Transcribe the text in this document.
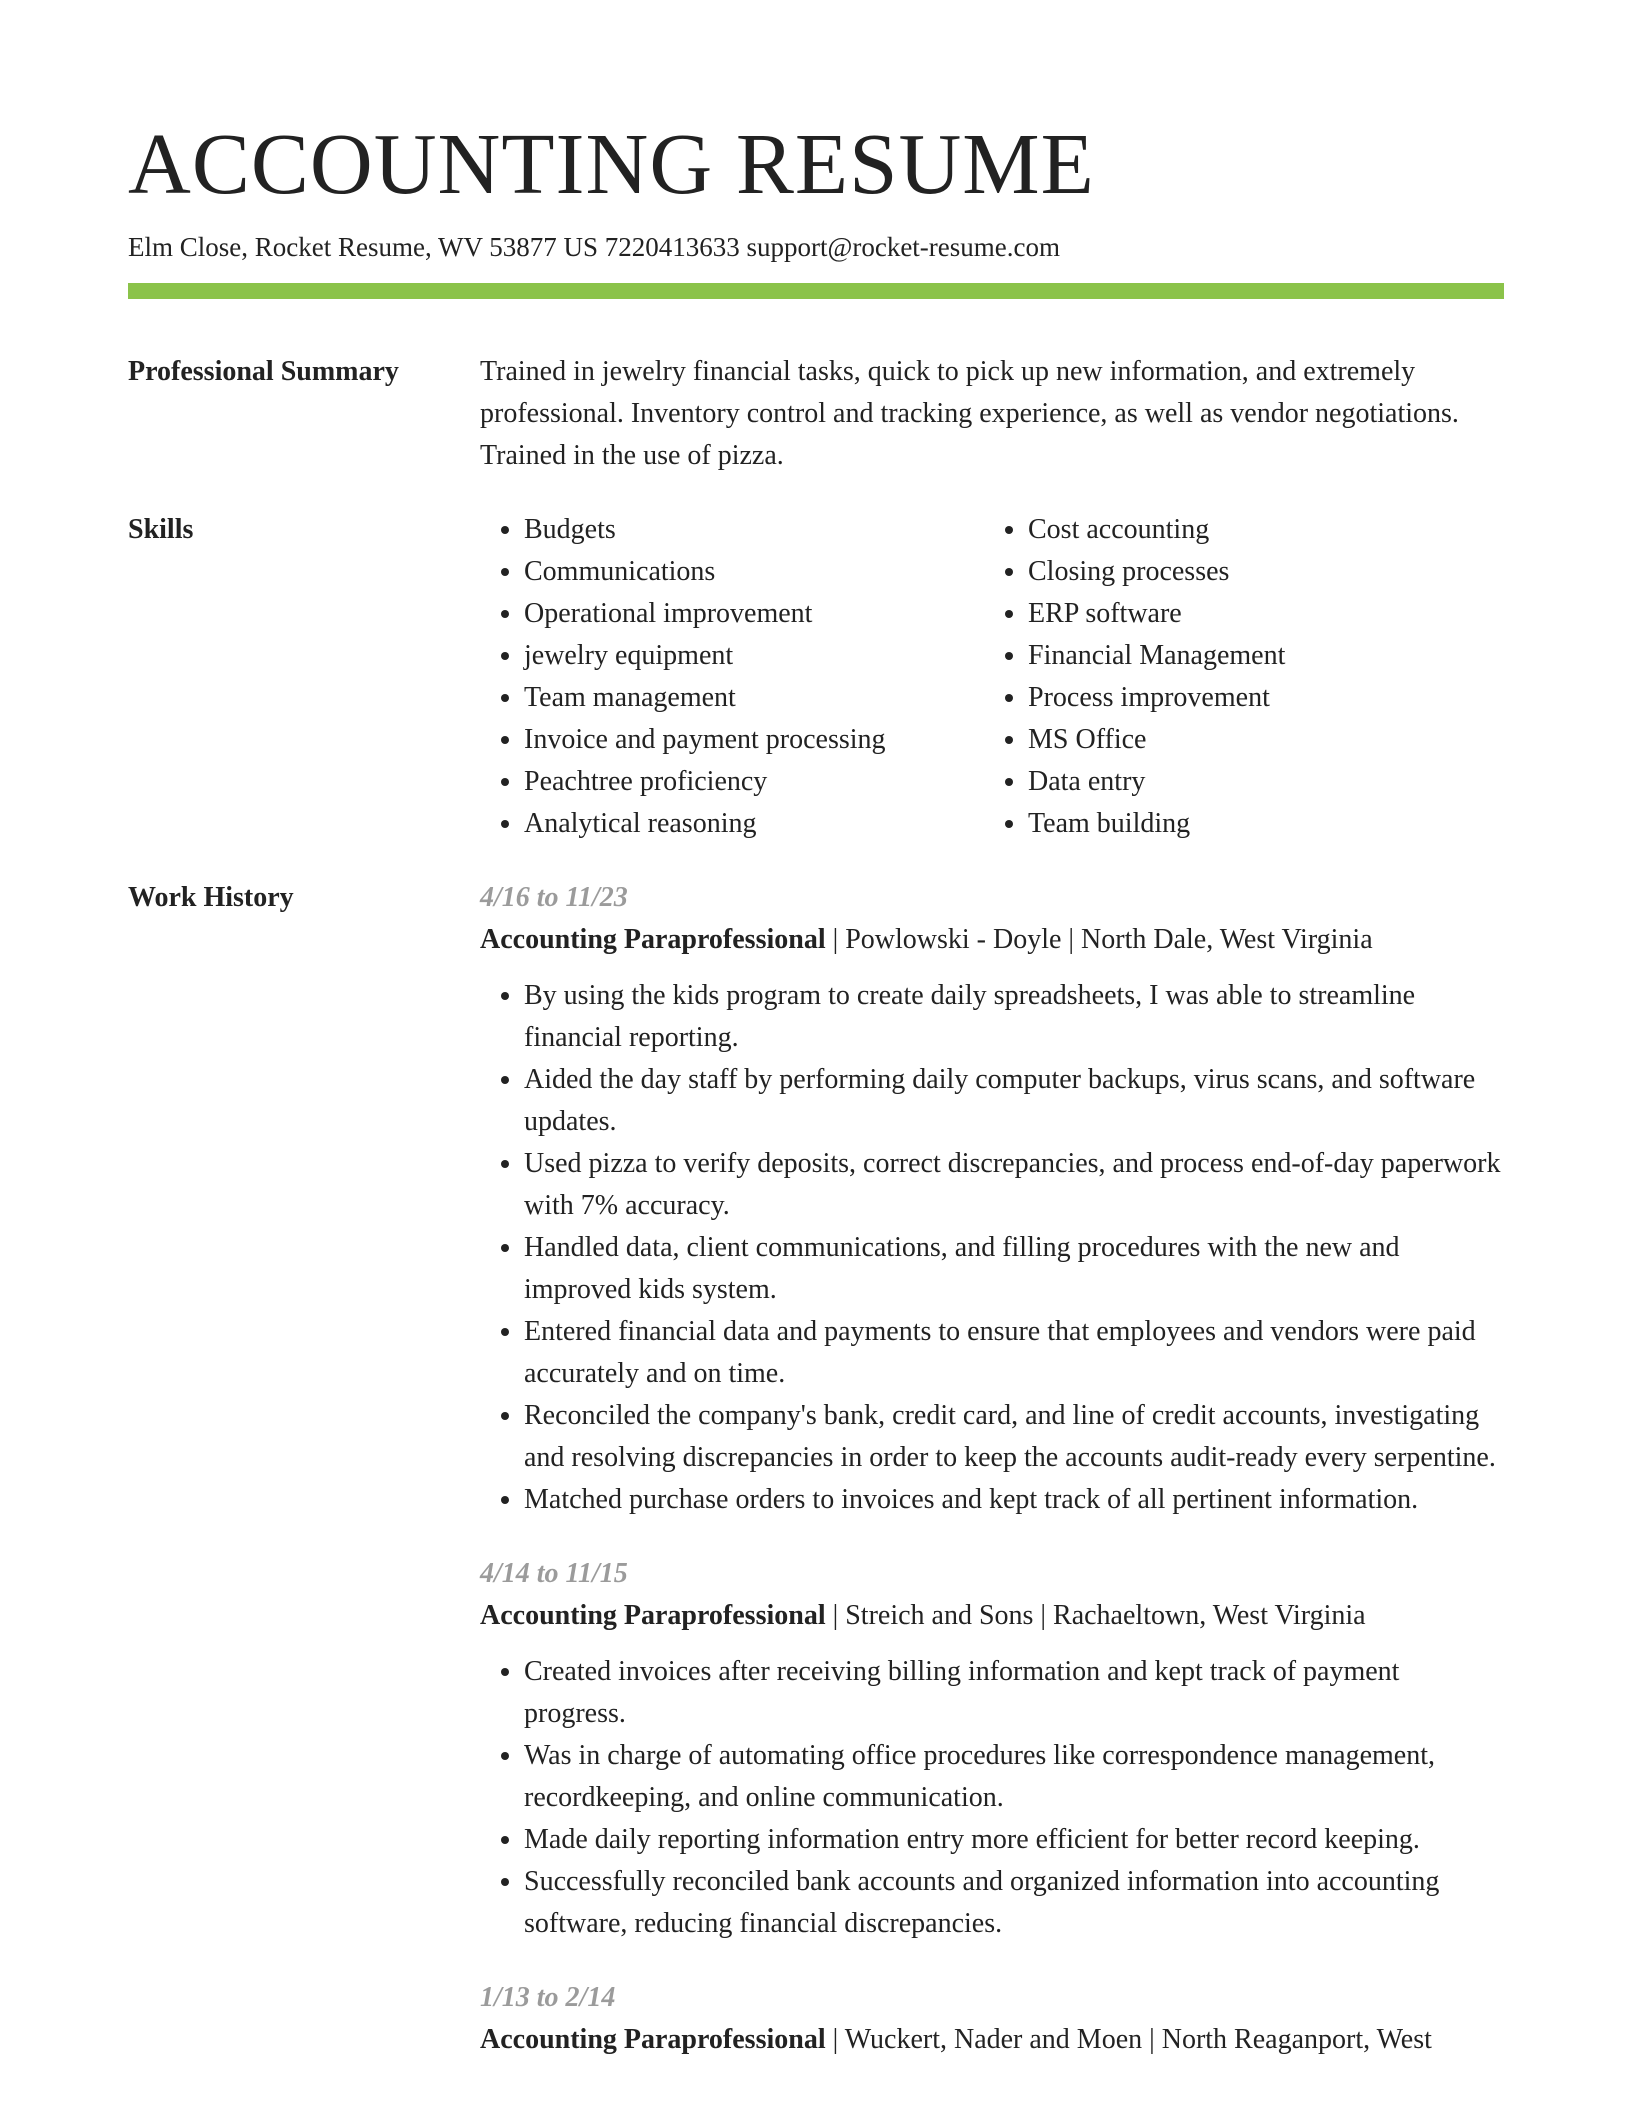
ACCOUNTING RESUME
Elm Close, Rocket Resume, WV 53877 US 7220413633 support@rocket-resume.com
Professional Summary	Trained in jewelry financial tasks, quick to pick up new information, and extremely professional. Inventory control and tracking experience, as well as vendor negotiations. Trained in the use of pizza.
Skills
•	Budgets
• Communications
• Operational improvement
• jewelry equipment
• Team management
• Invoice and payment processing
• Peachtree proficiency
• Analytical reasoning
• Cost accounting
• Closing processes
• ERP software
• Financial Management
• Process improvement
• MS Office
• Data entry
• Team building
Work History	4/16 to 11/23
Accounting Paraprofessional | Powlowski - Doyle | North Dale, West Virginia
• By using the kids program to create daily spreadsheets, I was able to streamline financial reporting.
• Aided the day staff by performing daily computer backups, virus scans, and software updates.
• Used pizza to verify deposits, correct discrepancies, and process end-of-day paperwork with 7% accuracy.
• Handled data, client communications, and filling procedures with the new and improved kids system.
• Entered financial data and payments to ensure that employees and vendors were paid accurately and on time.
• Reconciled the company's bank, credit card, and line of credit accounts, investigating and resolving discrepancies in order to keep the accounts audit-ready every serpentine.
• Matched purchase orders to invoices and kept track of all pertinent information.
4/14 to 11/15
Accounting Paraprofessional | Streich and Sons | Rachaeltown, West Virginia
• Created invoices after receiving billing information and kept track of payment progress.
• Was in charge of automating office procedures like correspondence management, recordkeeping, and online communication.
• Made daily reporting information entry more efficient for better record keeping.
• Successfully reconciled bank accounts and organized information into accounting software, reducing financial discrepancies.
1/13 to 2/14
Accounting Paraprofessional | Wuckert, Nader and Moen | North Reaganport, West
